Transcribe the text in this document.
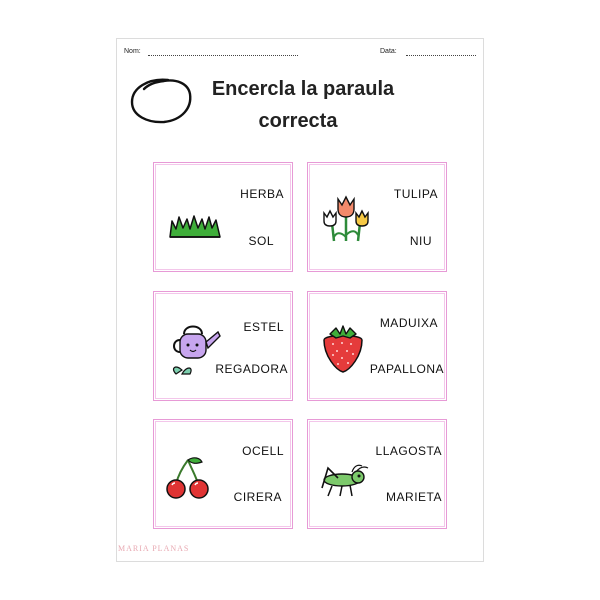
Nom:	Data:
Encercla la paraula
correcta
HERBA
SOL
TULIPA
NIU
ESTEL
REGADORA
MADUIXA
PAPALLONA
OCELL
CIRERA
LLAGOSTA
MARIETA
MARIA PLANAS
